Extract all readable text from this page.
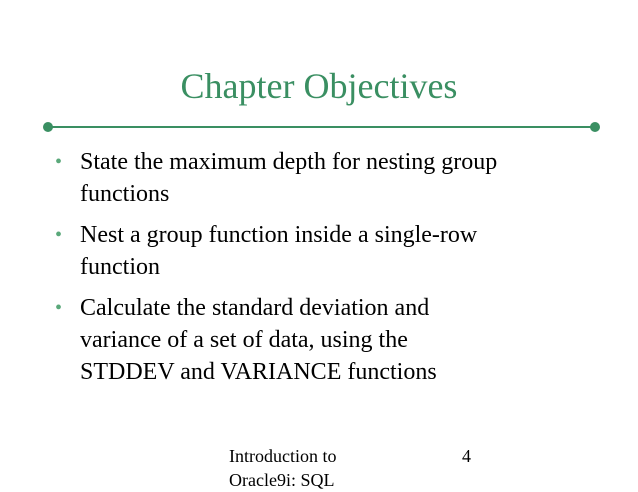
Chapter Objectives
• State the maximum depth for nesting group
functions
• Nest a group function inside a single-row
function
• Calculate the standard deviation and
variance of a set of data, using the
STDDEV and VARIANCE functions
Introduction to
Oracle9i: SQL
4
